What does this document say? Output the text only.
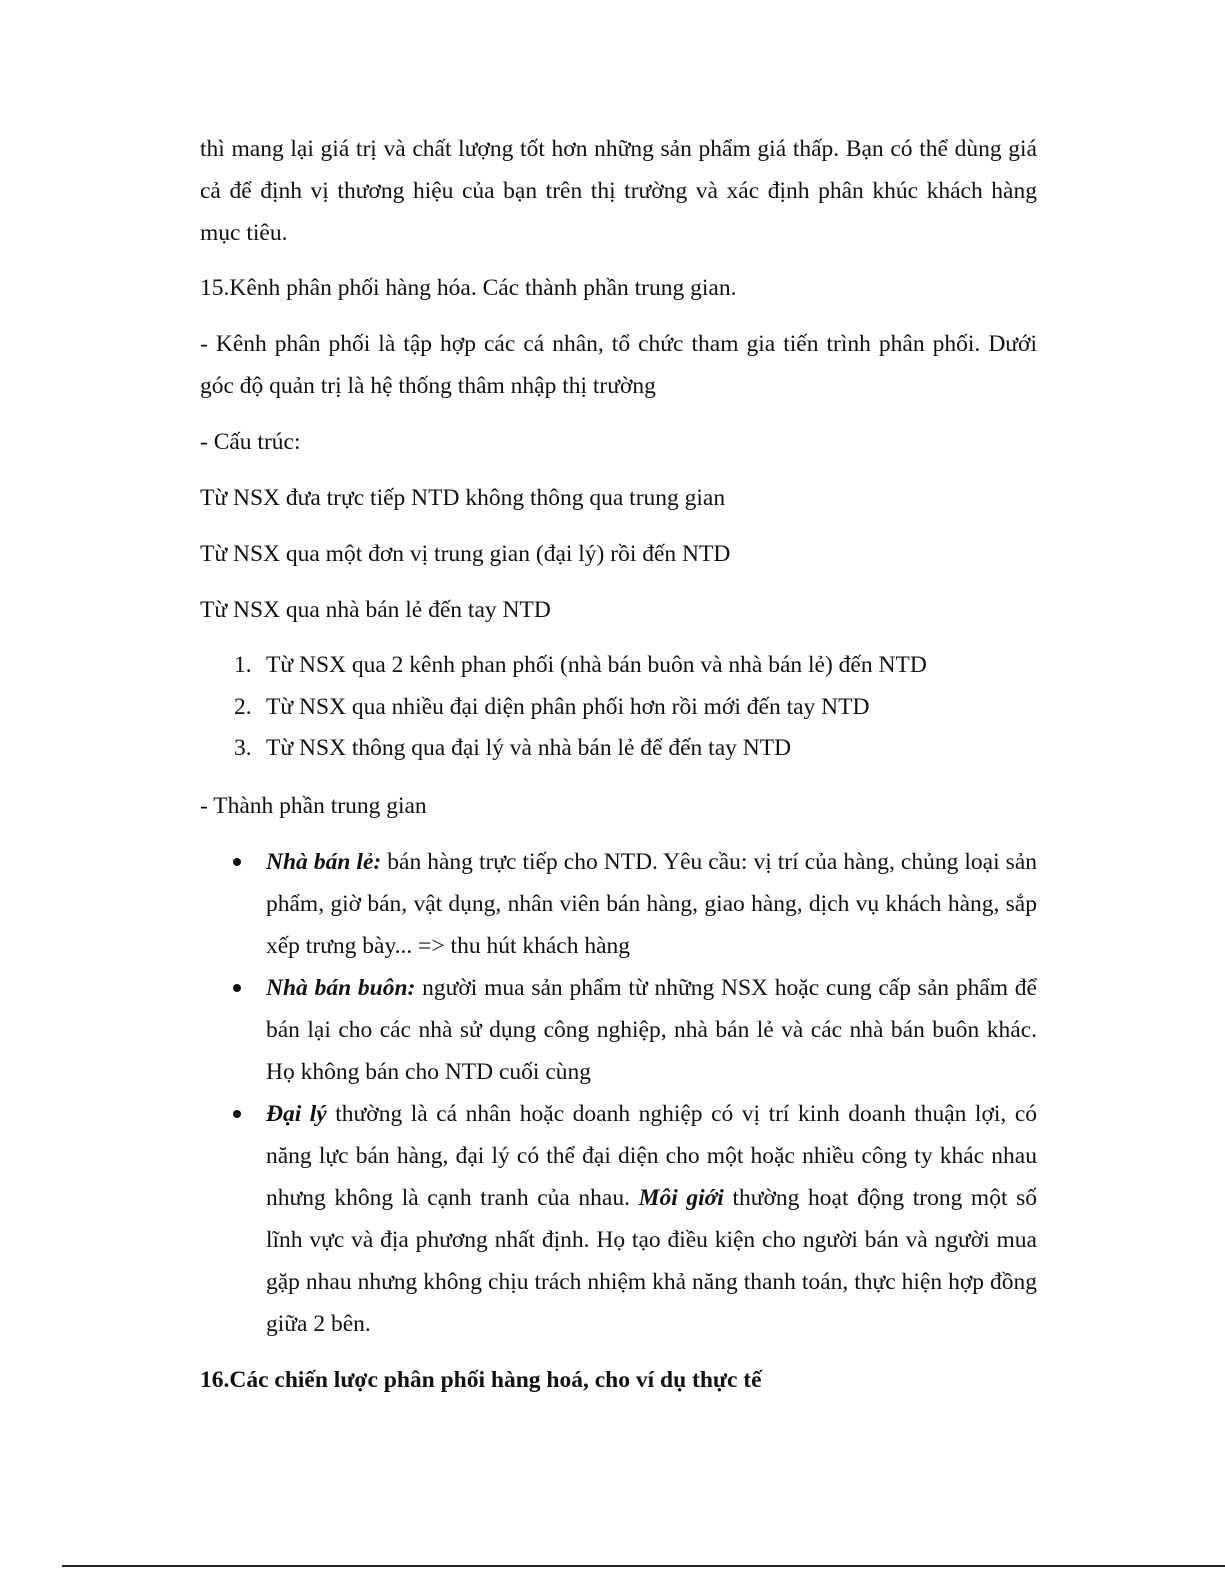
thì mang lại giá trị và chất lượng tốt hơn những sản phẩm giá thấp. Bạn có thể dùng giá cả để định vị thương hiệu của bạn trên thị trường và xác định phân khúc khách hàng mục tiêu.

15.Kênh phân phối hàng hóa. Các thành phần trung gian.

- Kênh phân phối là tập hợp các cá nhân, tổ chức tham gia tiến trình phân phối. Dưới góc độ quản trị là hệ thống thâm nhập thị trường

- Cấu trúc:

Từ NSX đưa trực tiếp NTD không thông qua trung gian

Từ NSX qua một đơn vị trung gian (đại lý) rồi đến NTD

Từ NSX qua nhà bán lẻ đến tay NTD

1. Từ NSX qua 2 kênh phan phối (nhà bán buôn và nhà bán lẻ) đến NTD
2. Từ NSX qua nhiều đại diện phân phối hơn rồi mới đến tay NTD
3. Từ NSX thông qua đại lý và nhà bán lẻ để đến tay NTD

- Thành phần trung gian

Nhà bán lẻ: bán hàng trực tiếp cho NTD. Yêu cầu: vị trí của hàng, chủng loại sản phẩm, giờ bán, vật dụng, nhân viên bán hàng, giao hàng, dịch vụ khách hàng, sắp xếp trưng bày... => thu hút khách hàng
Nhà bán buôn: người mua sản phẩm từ những NSX hoặc cung cấp sản phẩm để bán lại cho các nhà sử dụng công nghiệp, nhà bán lẻ và các nhà bán buôn khác. Họ không bán cho NTD cuối cùng
Đại lý thường là cá nhân hoặc doanh nghiệp có vị trí kinh doanh thuận lợi, có năng lực bán hàng, đại lý có thể đại diện cho một hoặc nhiều công ty khác nhau nhưng không là cạnh tranh của nhau. Môi giới thường hoạt động trong một số lĩnh vực và địa phương nhất định. Họ tạo điều kiện cho người bán và người mua gặp nhau nhưng không chịu trách nhiệm khả năng thanh toán, thực hiện hợp đồng giữa 2 bên.

16.Các chiến lược phân phối hàng hoá, cho ví dụ thực tế
